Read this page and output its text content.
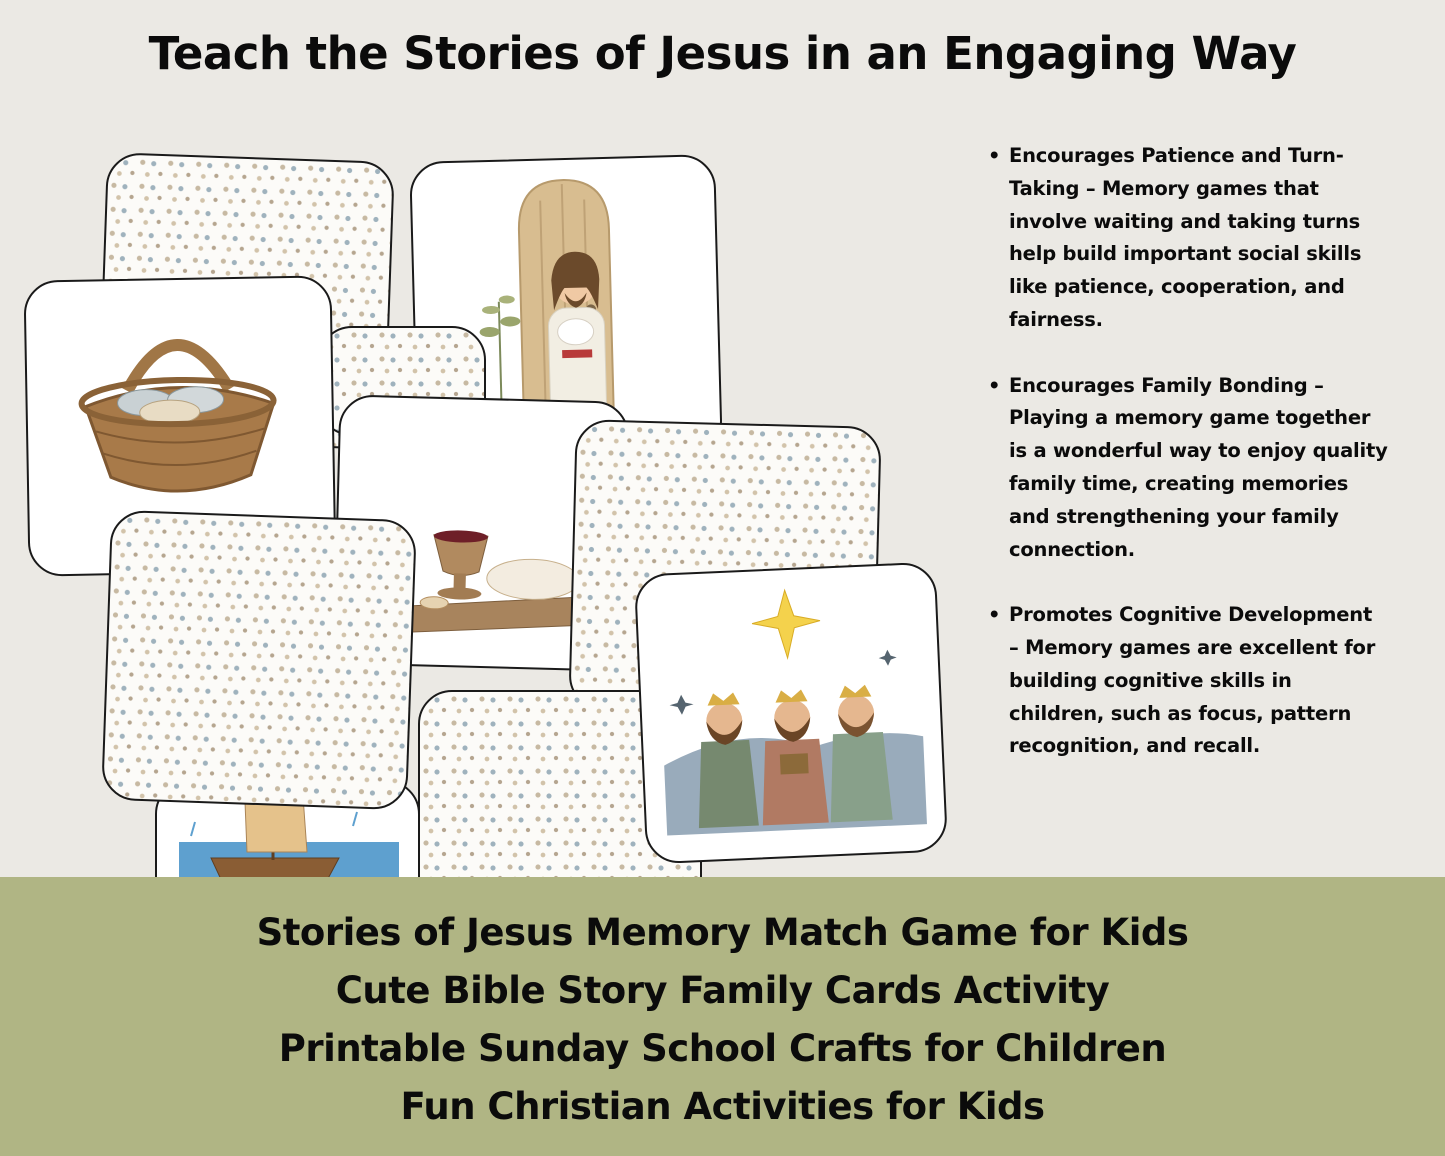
Teach the Stories of Jesus in an Engaging Way

• Encourages Patience and Turn-Taking – Memory games that involve waiting and taking turns help build important social skills like patience, cooperation, and fairness.
• Encourages Family Bonding – Playing a memory game together is a wonderful way to enjoy quality family time, creating memories and strengthening your family connection.
• Promotes Cognitive Development – Memory games are excellent for building cognitive skills in children, such as focus, pattern recognition, and recall.
Stories of Jesus Memory Match Game for Kids
Cute Bible Story Family Cards Activity
Printable Sunday School Crafts for Children
Fun Christian Activities for Kids
